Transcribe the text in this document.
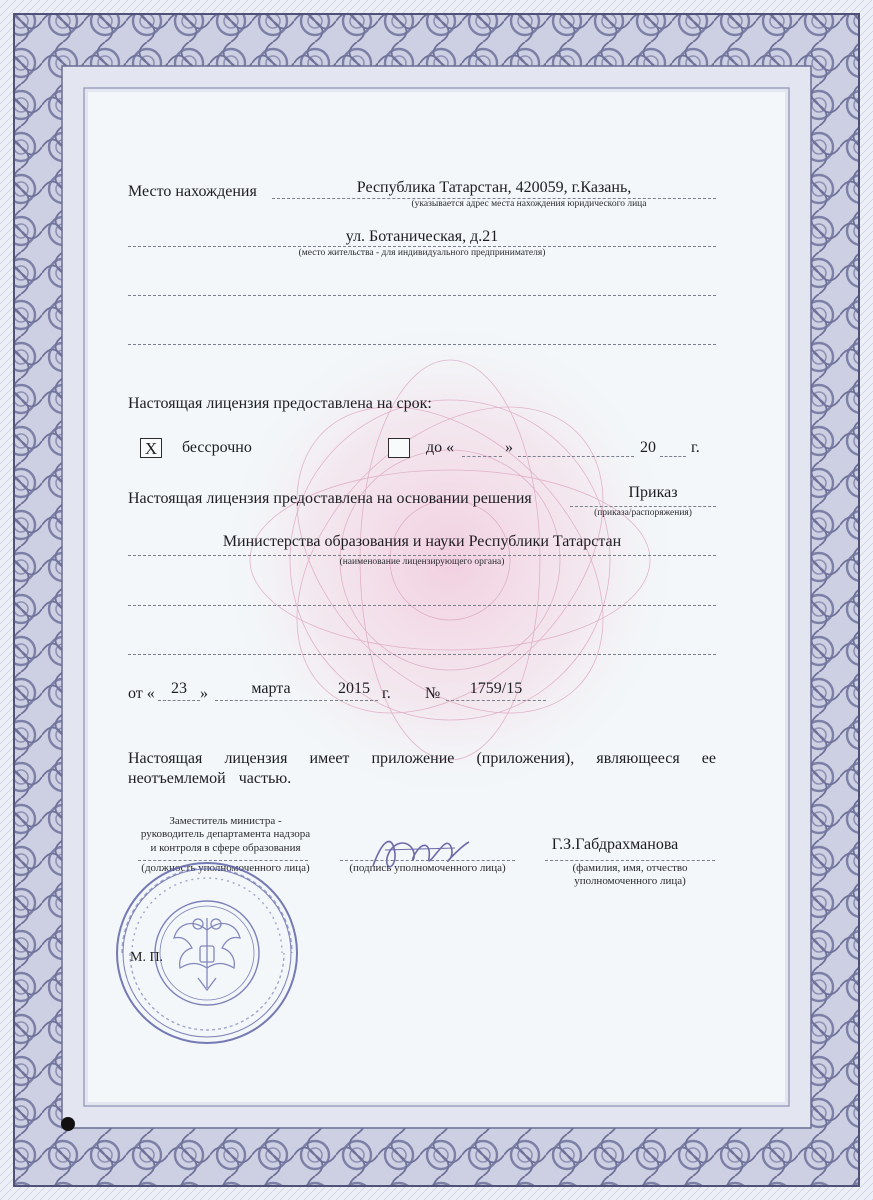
Место нахождения	Республика Татарстан, 420059, г.Казань,
(указывается адрес места нахождения юридического лица
ул. Ботаническая, д.21
(место жительства - для индивидуального предпринимателя)
Настоящая лицензия предоставлена на срок:
X	бессрочно	до «	»	20 г.
Настоящая лицензия предоставлена на основании решения	Приказ
(приказа/распоряжения)
Министерства образования и науки Республики Татарстан
(наименование лицензирующего органа)
от «	23 »	марта	2015 г. №	1759/15
Настоящая лицензия имеет приложение (приложения), являющееся ее
неотъемлемой частью.
Заместитель министра -
руководитель департамента надзора
и контроля в сфере образования
(должность уполномоченного лица)	(подпись уполномоченного лица)
Г.З.Габдрахманова
(фамилия, имя, отчество
уполномоченного лица)
М. П.
